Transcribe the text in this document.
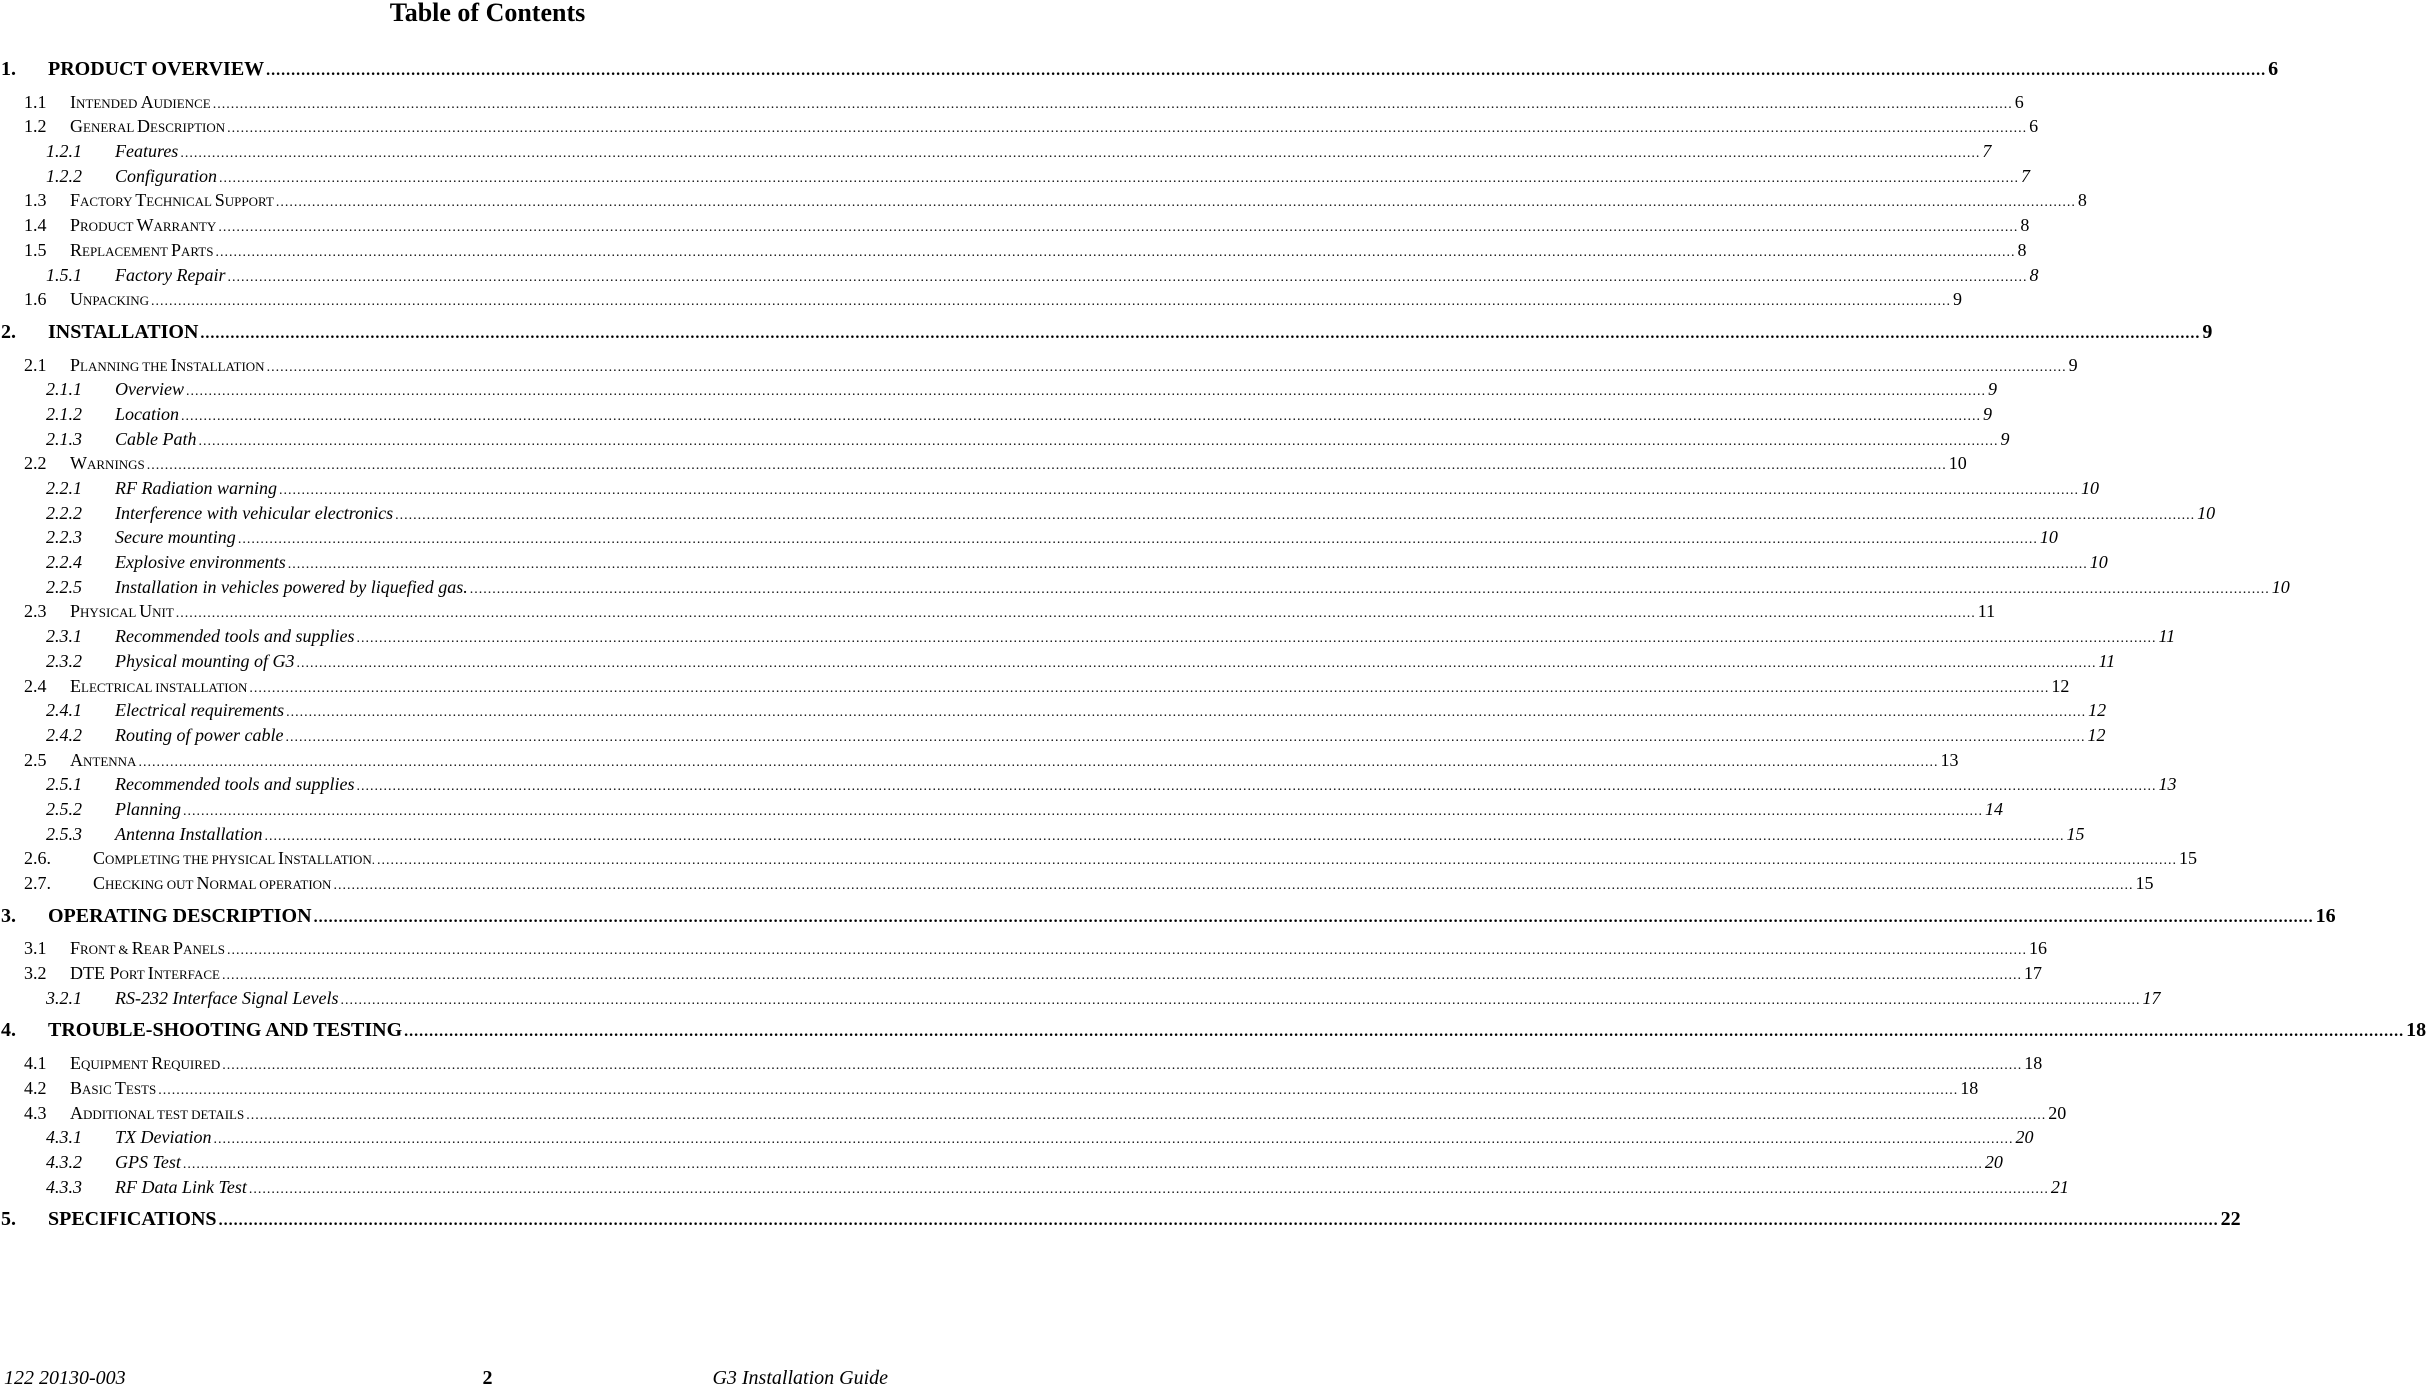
Table of Contents
1.	PRODUCT OVERVIEW ................................................................................................................................................................................................................................................................................................................................................................................................................ 6
1.1	INTENDED AUDIENCE ................................................................................................................................................................................................................................................................................................................................................................................................................ 6
1.2	GENERAL DESCRIPTION ................................................................................................................................................................................................................................................................................................................................................................................................................ 6
1.2.1	Features ................................................................................................................................................................................................................................................................................................................................................................................................................ 7
1.2.2	Configuration ................................................................................................................................................................................................................................................................................................................................................................................................................ 7
1.3	FACTORY TECHNICAL SUPPORT ................................................................................................................................................................................................................................................................................................................................................................................................................ 8
1.4	PRODUCT WARRANTY ................................................................................................................................................................................................................................................................................................................................................................................................................ 8
1.5	REPLACEMENT PARTS ................................................................................................................................................................................................................................................................................................................................................................................................................ 8
1.5.1	Factory Repair ................................................................................................................................................................................................................................................................................................................................................................................................................ 8
1.6	UNPACKING ................................................................................................................................................................................................................................................................................................................................................................................................................ 9
2.	INSTALLATION ................................................................................................................................................................................................................................................................................................................................................................................................................ 9
2.1	PLANNING THE INSTALLATION ................................................................................................................................................................................................................................................................................................................................................................................................................ 9
2.1.1	Overview ................................................................................................................................................................................................................................................................................................................................................................................................................ 9
2.1.2	Location ................................................................................................................................................................................................................................................................................................................................................................................................................ 9
2.1.3	Cable Path ................................................................................................................................................................................................................................................................................................................................................................................................................ 9
2.2	WARNINGS ................................................................................................................................................................................................................................................................................................................................................................................................................ 10
2.2.1	RF Radiation warning ................................................................................................................................................................................................................................................................................................................................................................................................................ 10
2.2.2	Interference with vehicular electronics ................................................................................................................................................................................................................................................................................................................................................................................................................ 10
2.2.3	Secure mounting ................................................................................................................................................................................................................................................................................................................................................................................................................ 10
2.2.4	Explosive environments ................................................................................................................................................................................................................................................................................................................................................................................................................ 10
2.2.5	Installation in vehicles powered by liquefied gas. ................................................................................................................................................................................................................................................................................................................................................................................................................ 10
2.3	PHYSICAL UNIT ................................................................................................................................................................................................................................................................................................................................................................................................................ 11
2.3.1	Recommended tools and supplies ................................................................................................................................................................................................................................................................................................................................................................................................................ 11
2.3.2	Physical mounting of G3 ................................................................................................................................................................................................................................................................................................................................................................................................................ 11
2.4	ELECTRICAL INSTALLATION ................................................................................................................................................................................................................................................................................................................................................................................................................ 12
2.4.1	Electrical requirements ................................................................................................................................................................................................................................................................................................................................................................................................................ 12
2.4.2	Routing of power cable ................................................................................................................................................................................................................................................................................................................................................................................................................ 12
2.5	ANTENNA ................................................................................................................................................................................................................................................................................................................................................................................................................ 13
2.5.1	Recommended tools and supplies ................................................................................................................................................................................................................................................................................................................................................................................................................ 13
2.5.2	Planning ................................................................................................................................................................................................................................................................................................................................................................................................................ 14
2.5.3	Antenna Installation ................................................................................................................................................................................................................................................................................................................................................................................................................ 15
2.6.	COMPLETING THE PHYSICAL INSTALLATION. ................................................................................................................................................................................................................................................................................................................................................................................................................ 15
2.7.	CHECKING OUT NORMAL OPERATION ................................................................................................................................................................................................................................................................................................................................................................................................................ 15
3.	OPERATING DESCRIPTION ................................................................................................................................................................................................................................................................................................................................................................................................................ 16
3.1	FRONT & REAR PANELS ................................................................................................................................................................................................................................................................................................................................................................................................................ 16
3.2	DTE PORT INTERFACE ................................................................................................................................................................................................................................................................................................................................................................................................................ 17
3.2.1	RS-232 Interface Signal Levels ................................................................................................................................................................................................................................................................................................................................................................................................................ 17
4.	TROUBLE-SHOOTING AND TESTING ................................................................................................................................................................................................................................................................................................................................................................................................................ 18
4.1	EQUIPMENT REQUIRED ................................................................................................................................................................................................................................................................................................................................................................................................................ 18
4.2	BASIC TESTS ................................................................................................................................................................................................................................................................................................................................................................................................................ 18
4.3	ADDITIONAL TEST DETAILS ................................................................................................................................................................................................................................................................................................................................................................................................................ 20
4.3.1	TX Deviation ................................................................................................................................................................................................................................................................................................................................................................................................................ 20
4.3.2	GPS Test ................................................................................................................................................................................................................................................................................................................................................................................................................ 20
4.3.3	RF Data Link Test ................................................................................................................................................................................................................................................................................................................................................................................................................ 21
5.	SPECIFICATIONS ................................................................................................................................................................................................................................................................................................................................................................................................................ 22
122 20130-003	2	G3 Installation Guide
